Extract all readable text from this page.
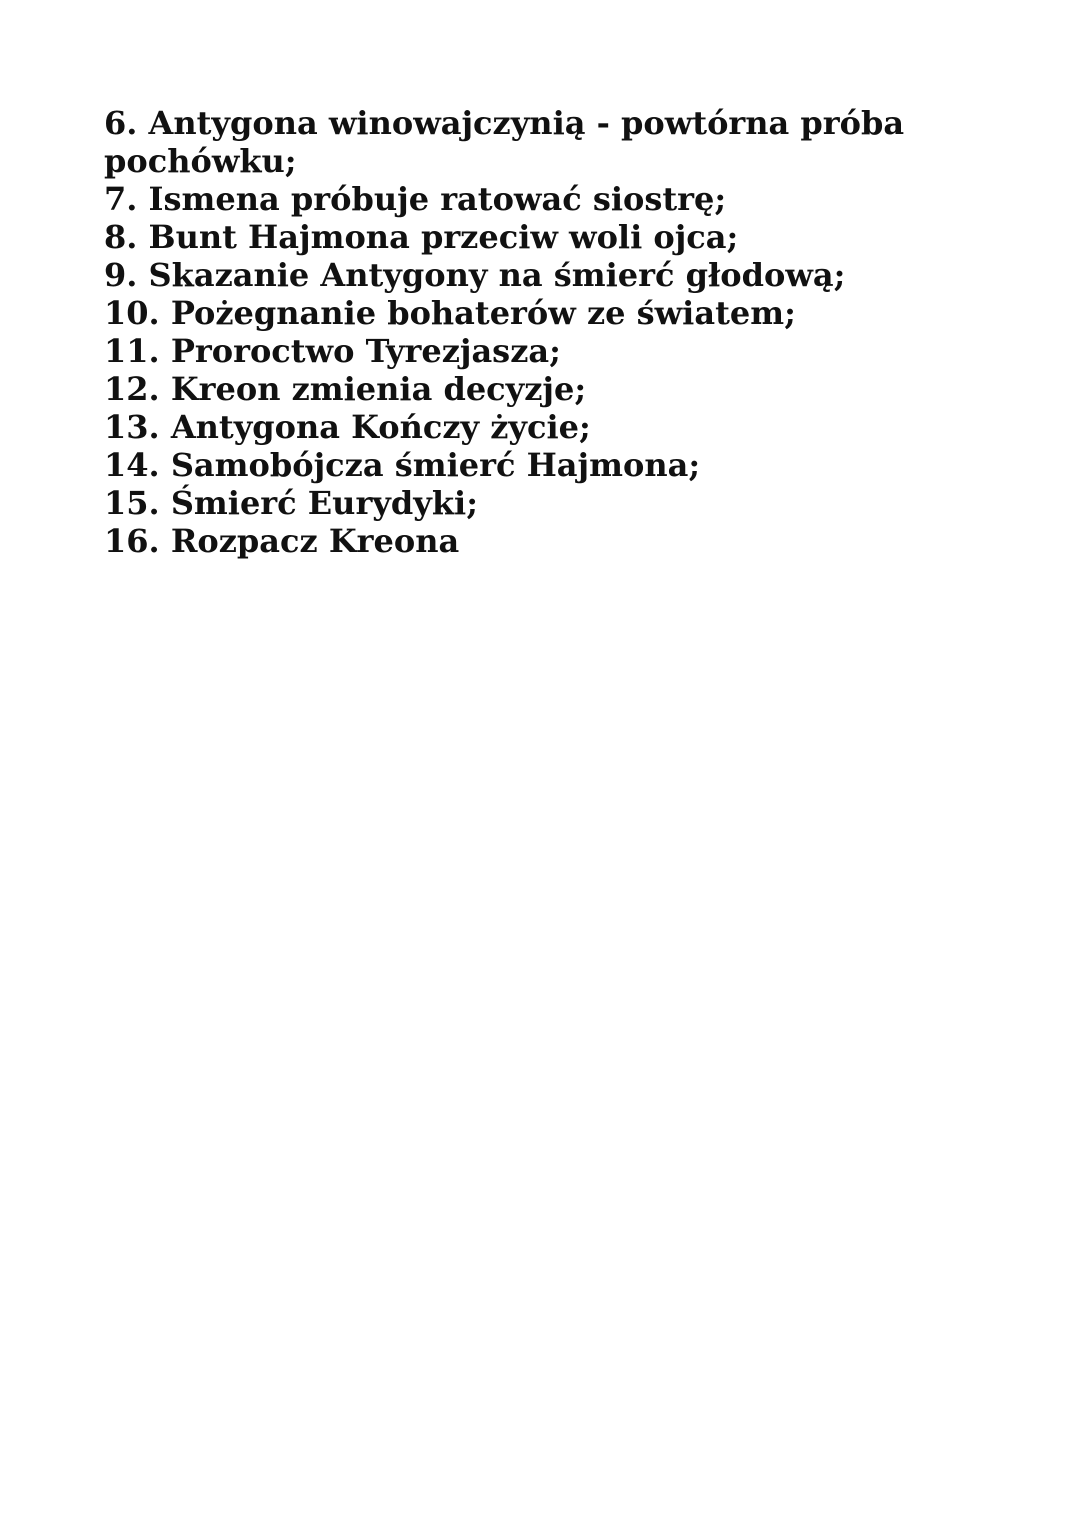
6. Antygona winowajczynią - powtórna próba pochówku;
7. Ismena próbuje ratować siostrę;
8. Bunt Hajmona przeciw woli ojca;
9. Skazanie Antygony na śmierć głodową;
10. Pożegnanie bohaterów ze światem;
11. Proroctwo Tyrezjasza;
12. Kreon zmienia decyzje;
13. Antygona Kończy życie;
14. Samobójcza śmierć Hajmona;
15. Śmierć Eurydyki;
16. Rozpacz Kreona
